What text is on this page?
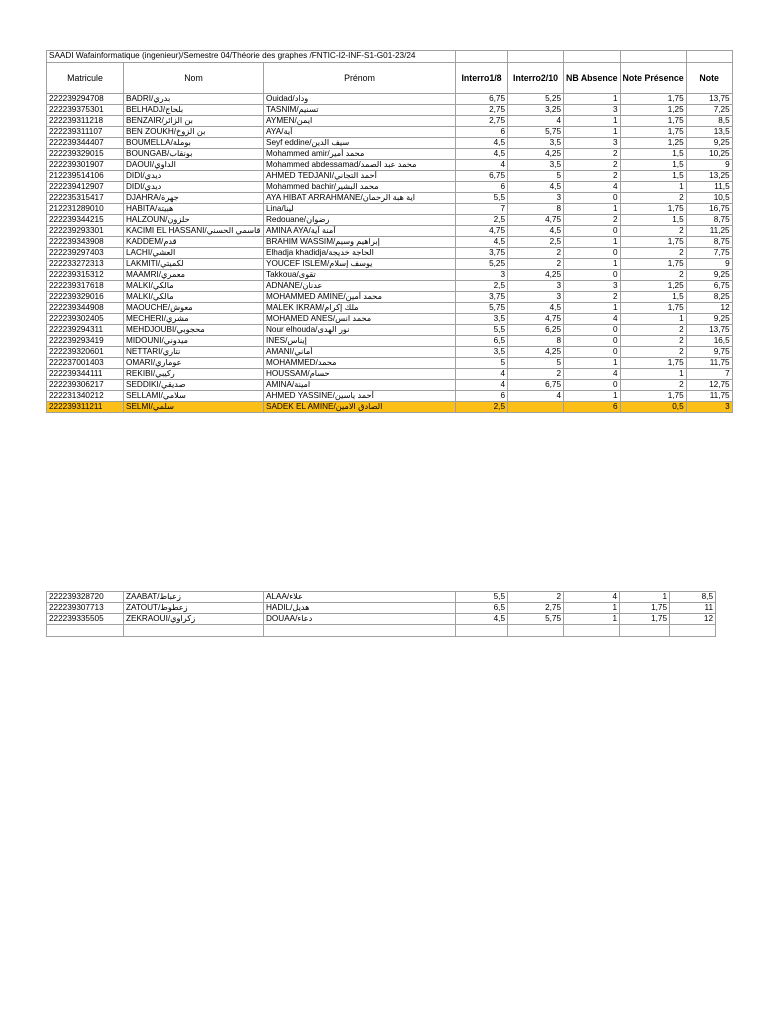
SAADI Wafainformatique (ingenieur)/Semestre 04/Théorie des graphes /FNTIC-I2-INF-S1-G01-23/24							
Matricule	Nom	Prénom	Interro1/8	Interro2/10	NB Absence	Note Présence	Note
222239294708	BADRI/بدري	Ouidad/وداد	6,75	5,25	1	1,75	13,75
222239375301	BELHADJ/بلحاج	TASNIM/تسنيم	2,75	3,25	3	1,25	7,25
222239311218	BENZAIR/بن الزائر	AYMEN/ايمن	2,75	4	1	1,75	8,5
222239311107	BEN ZOUKH/بن الزوخ	AYA/آية	6	5,75	1	1,75	13,5
222239344407	BOUMELLA/بوملة	Seyf eddine/سيف الدين	4,5	3,5	3	1,25	9,25
222239329015	BOUNGAB/بونقاب	Mohammed amir/محمد أمير	4,5	4,25	2	1,5	10,25
222239301907	DAOUI/الداوي	Mohammed abdessamad/محمد عبد الصمد	4	3,5	2	1,5	9
212239514106	DIDI/ديدي	AHMED TEDJANI/أحمد التجاني	6,75	5	2	1,5	13,25
222239412907	DIDI/ديدي	Mohammed bachir/محمد البشير	6	4,5	4	1	11,5
222235315417	DJAHRA/جهرة	AYA HIBAT ARRAHMANE/اية هبة الرحمان	5,5	3	0	2	10,5
212231289010	HABITA/هبيتة	Lina/لينا	7	8	1	1,75	16,75
222239344215	HALZOUN/حلزون	Redouane/رضوان	2,5	4,75	2	1,5	8,75
222239293301	KACIMI EL HASSANI/قاسمي الحسني	AMINA AYA/آمنة آية	4,75	4,5	0	2	11,25
222239343908	KADDEM/قدم	BRAHIM WASSIM/إبراهيم وسيم	4,5	2,5	1	1,75	8,75
222239297403	LACHI/العشي	Elhadja khadidja/الحاجة خديجة	3,75	2	0	2	7,75
222233272313	LAKMITI/لكميتي	YOUCEF ISLEM/يوسف إسلام	5,25	2	1	1,75	9
222239315312	MAAMRI/معمري	Takkoua/تقوى	3	4,25	0	2	9,25
222239317618	MALKI/مالكي	ADNANE/عدنان	2,5	3	3	1,25	6,75
222239329016	MALKI/مالكي	MOHAMMED AMINE/محمد أمين	3,75	3	2	1,5	8,25
222239344908	MAOUCHE/معوش	MALEK IKRAM/ملك إكرام	5,75	4,5	1	1,75	12
222239302405	MECHERI/مشري	MOHAMED ANES/محمد انس	3,5	4,75	4	1	9,25
222239294311	MEHDJOUBI/محجوبي	Nour elhouda/نور الهدى	5,5	6,25	0	2	13,75
222239293419	MIDOUNI/ميدوني	INES/إيناس	6,5	8	0	2	16,5
222239320601	NETTARI/نتاري	AMANI/أماني	3,5	4,25	0	2	9,75
222237001403	OMARI/عوماري	MOHAMMED/محمد	5	5	1	1,75	11,75
222239344111	REKIBI/ركيبي	HOUSSAM/حسام	4	2	4	1	7
222239306217	SEDDIKI/صديقي	AMINA/امينة	4	6,75	0	2	12,75
222231340212	SELLAMI/سلامي	AHMED YASSINE/أحمد ياسين	6	4	1	1,75	11,75
222239311211	SELMI/سلمي	SADEK EL AMINE/الصادق الامين	2,5		6	0,5	3
222239328720	ZAABAT/زعباط	ALAA/علاء	5,5	2	4	1	8,5
222239307713	ZATOUT/زعطوط	HADIL/هديل	6,5	2,75	1	1,75	11
222239335505	ZEKRAOUI/زكراوي	DOUAA/دعاء	4,5	5,75	1	1,75	12
